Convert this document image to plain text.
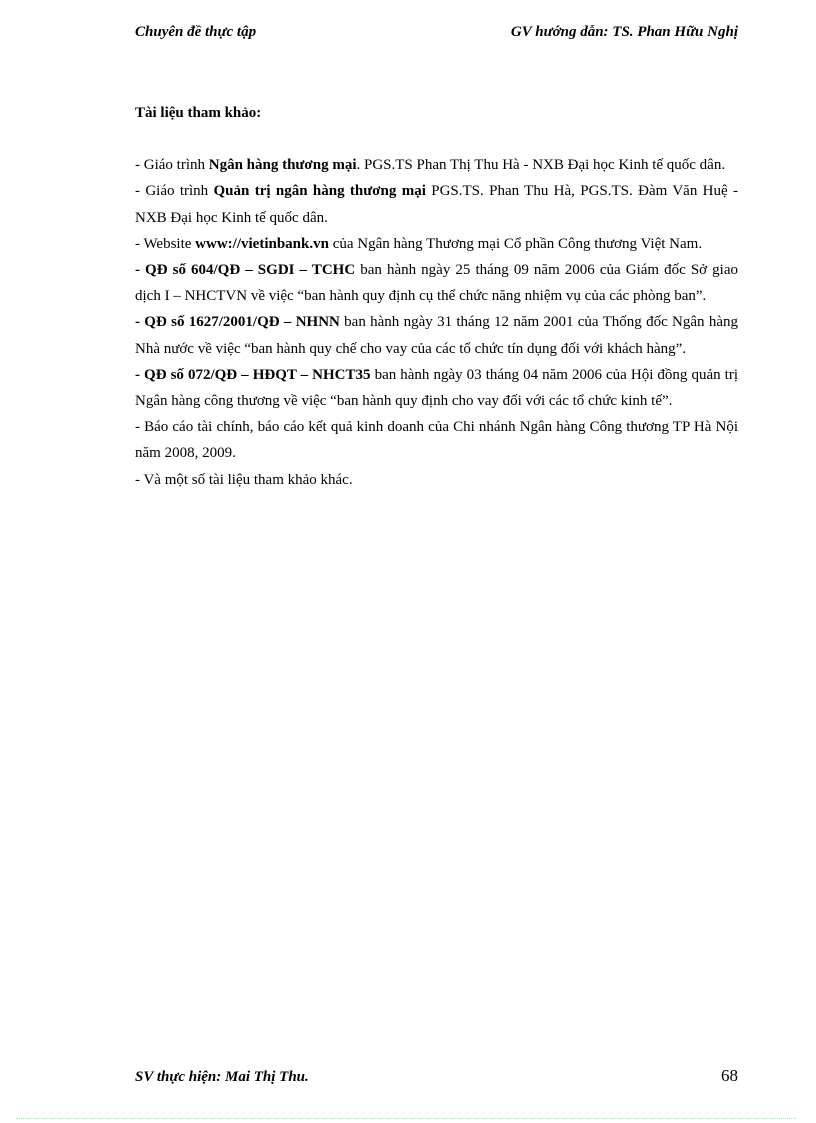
Chuyên đề thực tập	GV hướng dẫn: TS. Phan Hữu Nghị

Tài liệu tham khảo:

- Giáo trình Ngân hàng thương mại. PGS.TS Phan Thị Thu Hà - NXB Đại học Kinh tế quốc dân.

- Giáo trình Quản trị ngân hàng thương mại PGS.TS. Phan Thu Hà, PGS.TS. Đàm Văn Huệ - NXB Đại học Kinh tế quốc dân.

- Website www://vietinbank.vn của Ngân hàng Thương mại Cổ phần Công thương Việt Nam.

- QĐ số 604/QĐ – SGDI – TCHC ban hành ngày 25 tháng 09 năm 2006 của Giám đốc Sở giao dịch I – NHCTVN về việc “ban hành quy định cụ thể chức năng nhiệm vụ của các phòng ban”.

- QĐ số 1627/2001/QĐ – NHNN ban hành ngày 31 tháng 12 năm 2001 của Thống đốc Ngân hàng Nhà nước về việc “ban hành quy chế cho vay của các tổ chức tín dụng đối với khách hàng”.

- QĐ số 072/QĐ – HĐQT – NHCT35 ban hành ngày 03 tháng 04 năm 2006 của Hội đồng quản trị Ngân hàng công thương về việc “ban hành quy định cho vay đối với các tổ chức kinh tế”.

- Báo cáo tài chính, báo cáo kết quả kinh doanh của Chi nhánh Ngân hàng Công thương TP Hà Nội năm 2008, 2009.

- Và một số tài liệu tham khảo khác.

SV thực hiện: Mai Thị Thu.	68
